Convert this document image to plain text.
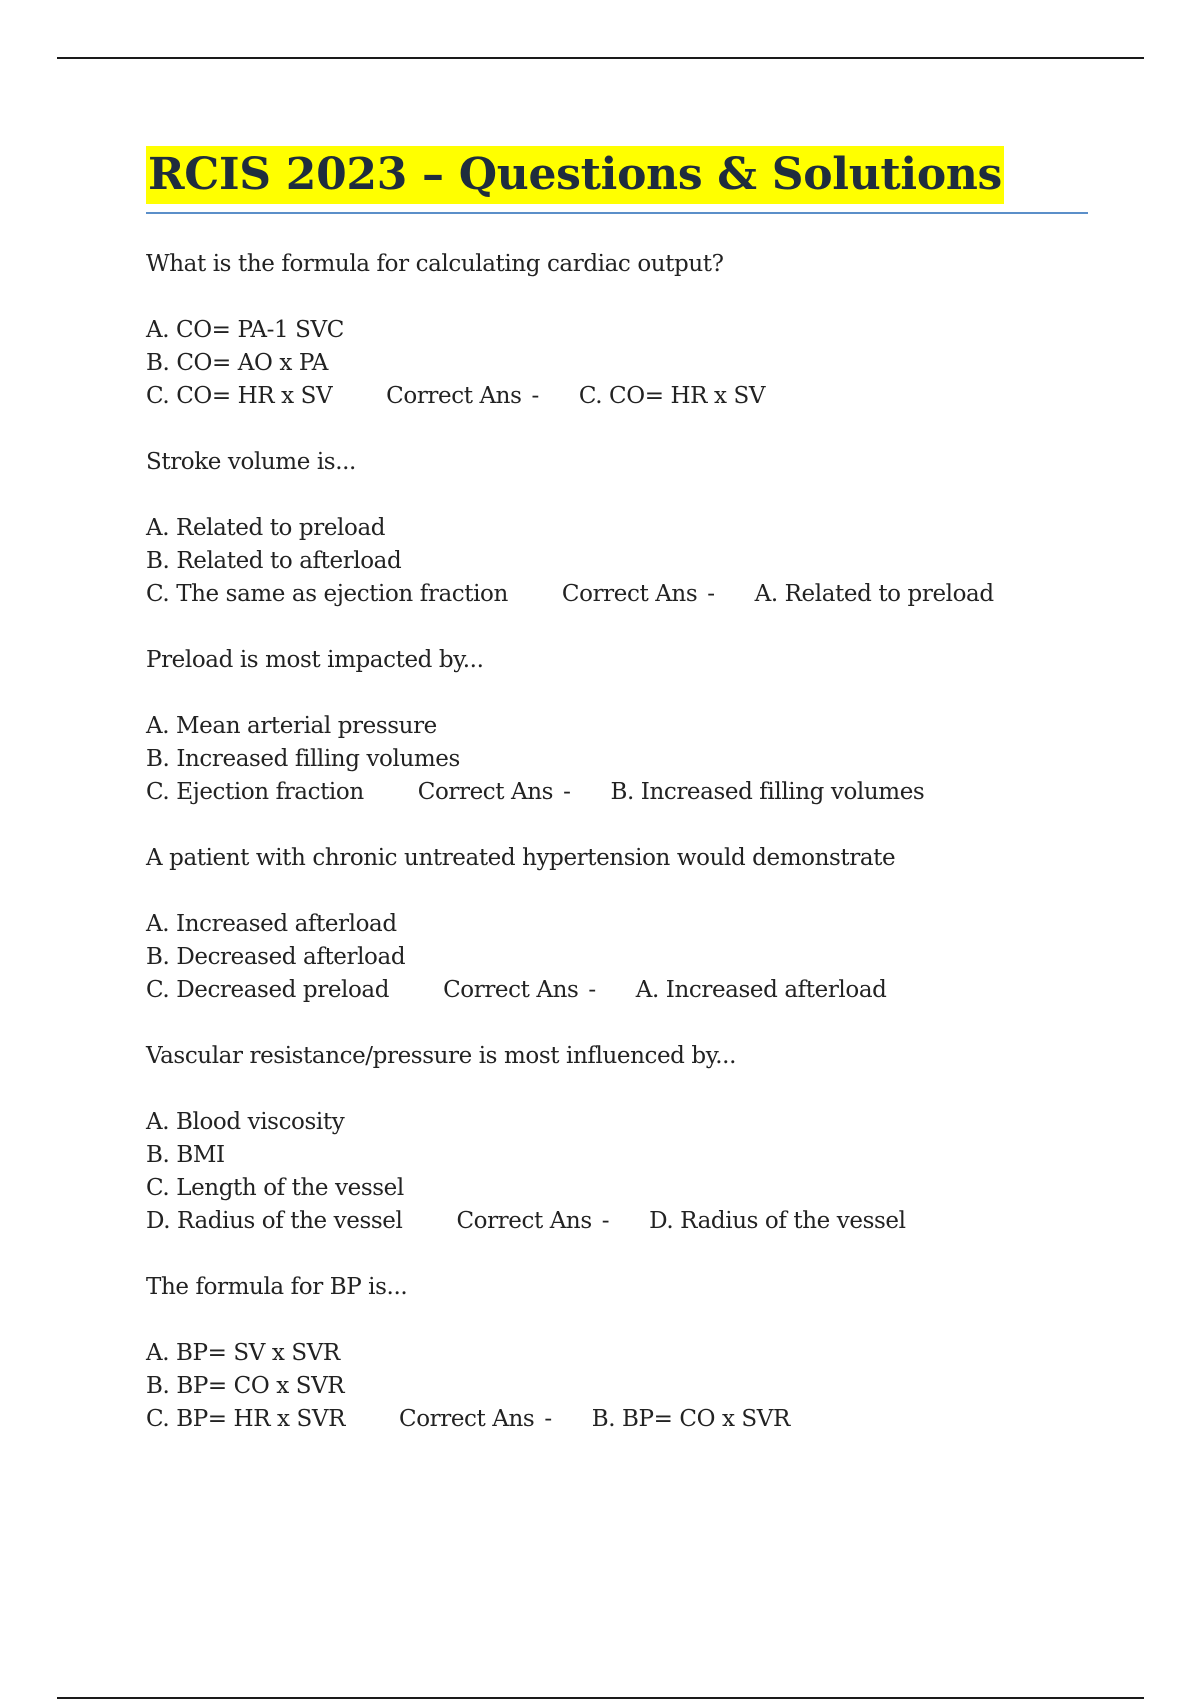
RCIS 2023 – Questions & Solutions

What is the formula for calculating cardiac output?

A. CO= PA-1 SVC

B. CO= AO x PA

C. CO= HR x SV Correct Ans - C. CO= HR x SV

Stroke volume is...

A. Related to preload

B. Related to afterload

C. The same as ejection fraction Correct Ans - A. Related to preload

Preload is most impacted by...

A. Mean arterial pressure

B. Increased filling volumes

C. Ejection fraction Correct Ans - B. Increased filling volumes

A patient with chronic untreated hypertension would demonstrate

A. Increased afterload

B. Decreased afterload

C. Decreased preload Correct Ans - A. Increased afterload

Vascular resistance/pressure is most influenced by...

A. Blood viscosity

B. BMI

C. Length of the vessel

D. Radius of the vessel Correct Ans - D. Radius of the vessel

The formula for BP is...

A. BP= SV x SVR

B. BP= CO x SVR

C. BP= HR x SVR Correct Ans - B. BP= CO x SVR
